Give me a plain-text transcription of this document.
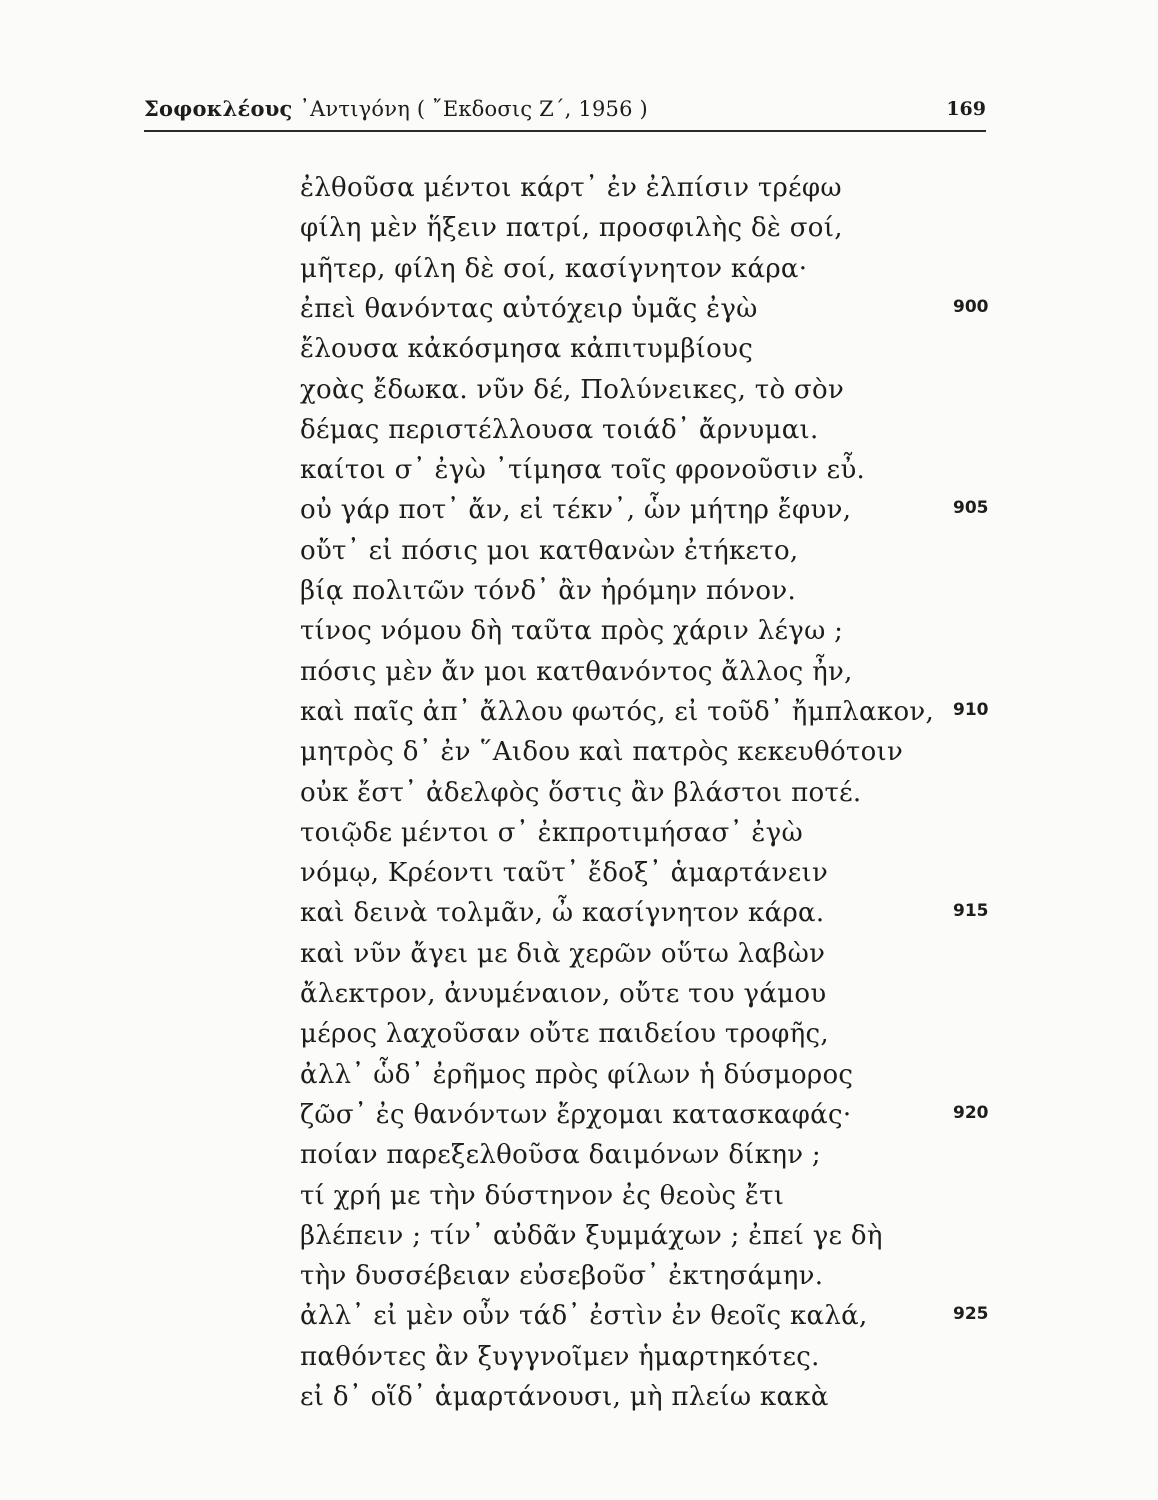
Σοφοκλέους ᾿Αντιγόνη ( ῎Εκδοσις Ζ΄, 1956 )	169
ἐλθοῦσα μέντοι κάρτ᾿ ἐν ἐλπίσιν τρέφω
φίλη μὲν ἥξειν πατρί, προσφιλὴς δὲ σοί,
μῆτερ, φίλη δὲ σοί, κασίγνητον κάρα·
ἐπεὶ θανόντας αὐτόχειρ ὑμᾶς ἐγὼ	900
ἔλουσα κἀκόσμησα κἀπιτυμβίους
χοὰς ἔδωκα. νῦν δέ, Πολύνεικες, τὸ σὸν
δέμας περιστέλλουσα τοιάδ᾿ ἄρνυμαι.
καίτοι σ᾿ ἐγὼ ᾿τίμησα τοῖς φρονοῦσιν εὖ.
οὐ γάρ ποτ᾿ ἄν, εἰ τέκν᾿, ὧν μήτηρ ἔφυν,	905
οὔτ᾿ εἰ πόσις μοι κατθανὼν ἐτήκετο,
βίᾳ πολιτῶν τόνδ᾿ ἂν ἠρόμην πόνον.
τίνος νόμου δὴ ταῦτα πρὸς χάριν λέγω ;
πόσις μὲν ἄν μοι κατθανόντος ἄλλος ἦν,
καὶ παῖς ἀπ᾿ ἄλλου φωτός, εἰ τοῦδ᾿ ἤμπλακον, 910
μητρὸς δ᾿ ἐν ῞Αιδου καὶ πατρὸς κεκευθότοιν
οὐκ ἔστ᾿ ἀδελφὸς ὅστις ἂν βλάστοι ποτέ.
τοιῷδε μέντοι σ᾿ ἐκπροτιμήσασ᾿ ἐγὼ
νόμῳ, Κρέοντι ταῦτ᾿ ἔδοξ᾿ ἁμαρτάνειν
καὶ δεινὰ τολμᾶν, ὦ κασίγνητον κάρα.	915
καὶ νῦν ἄγει με διὰ χερῶν οὕτω λαβὼν
ἄλεκτρον, ἀνυμέναιον, οὔτε του γάμου
μέρος λαχοῦσαν οὔτε παιδείου τροφῆς,
ἀλλ᾿ ὧδ᾿ ἐρῆμος πρὸς φίλων ἡ δύσμορος
ζῶσ᾿ ἐς θανόντων ἔρχομαι κατασκαφάς·	920
ποίαν παρεξελθοῦσα δαιμόνων δίκην ;
τί χρή με τὴν δύστηνον ἐς θεοὺς ἔτι
βλέπειν ; τίν᾿ αὐδᾶν ξυμμάχων ; ἐπεί γε δὴ
τὴν δυσσέβειαν εὐσεβοῦσ᾿ ἐκτησάμην.
ἀλλ᾿ εἰ μὲν οὖν τάδ᾿ ἐστὶν ἐν θεοῖς καλά,	925
παθόντες ἂν ξυγγνοῖμεν ἡμαρτηκότες.
εἰ δ᾿ οἵδ᾿ ἁμαρτάνουσι, μὴ πλείω κακὰ
